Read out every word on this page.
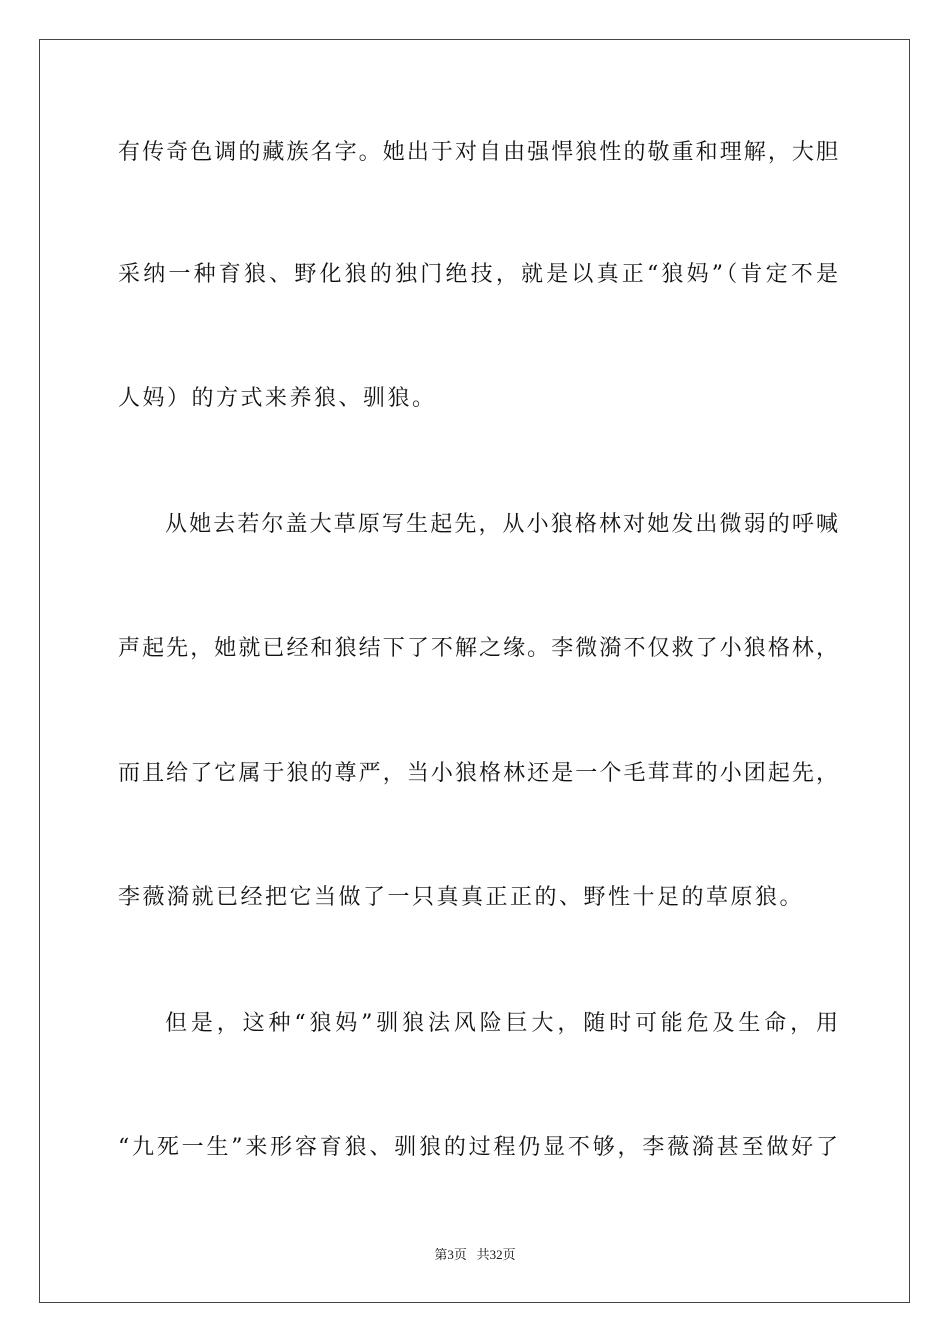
有传奇色调的藏族名字。她出于对自由强悍狼性的敬重和理解，大胆
采纳一种育狼、野化狼的独门绝技，就是以真正“狼妈”（肯定不是
人妈）的方式来养狼、驯狼。
从她去若尔盖大草原写生起先，从小狼格林对她发出微弱的呼喊
声起先，她就已经和狼结下了不解之缘。李微漪不仅救了小狼格林，
而且给了它属于狼的尊严，当小狼格林还是一个毛茸茸的小团起先，
李薇漪就已经把它当做了一只真真正正的、野性十足的草原狼。
但是，这种“狼妈”驯狼法风险巨大，随时可能危及生命，用
“九死一生”来形容育狼、驯狼的过程仍显不够，李薇漪甚至做好了
第3页 共32页
